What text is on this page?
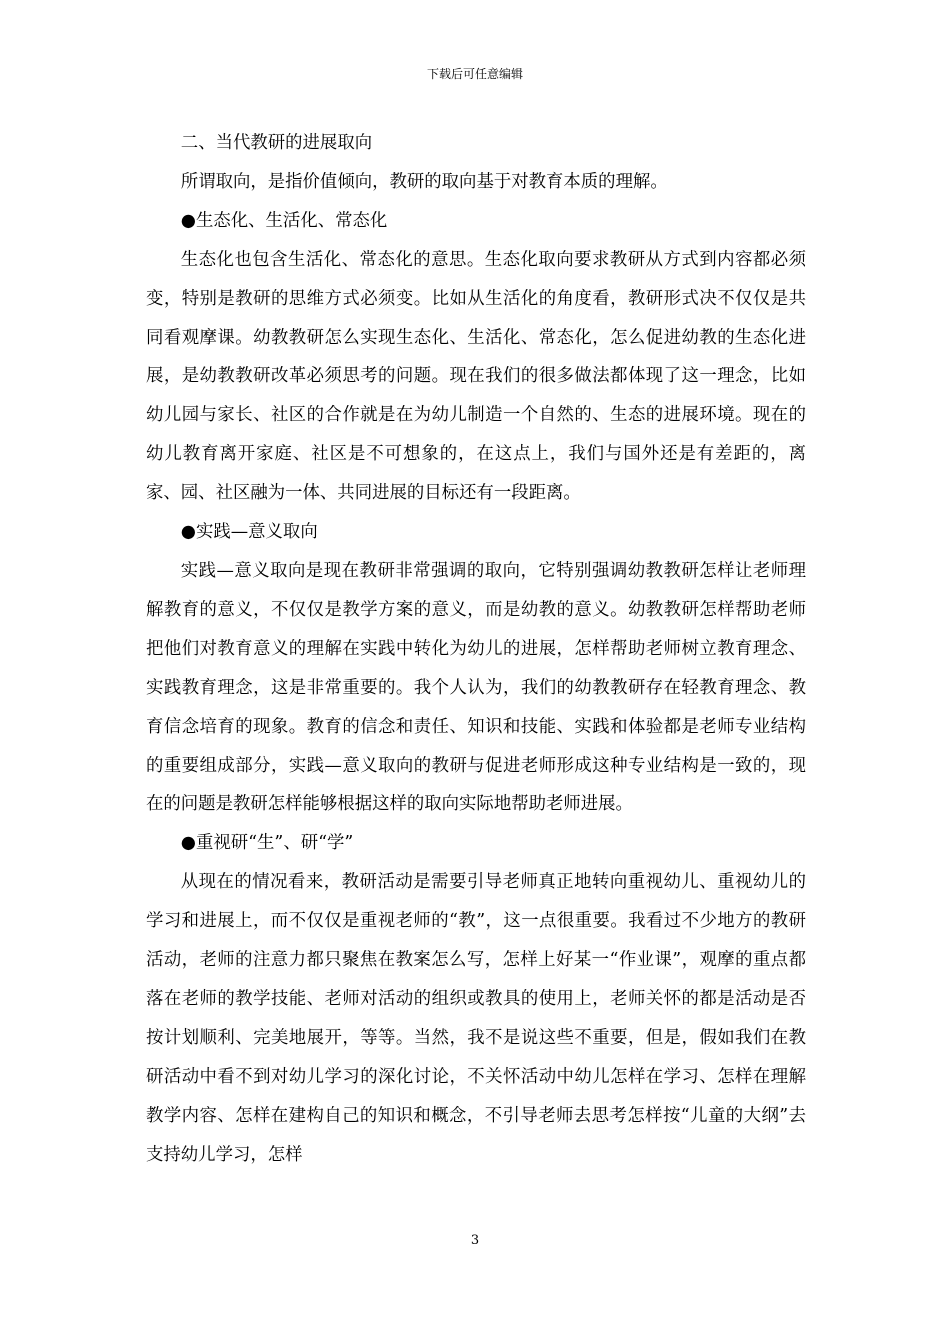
下载后可任意编辑

二、当代教研的进展取向

所谓取向，是指价值倾向，教研的取向基于对教育本质的理解。

●生态化、生活化、常态化

生态化也包含生活化、常态化的意思。生态化取向要求教研从方式到内容都必须变，特别是教研的思维方式必须变。比如从生活化的角度看，教研形式决不仅仅是共同看观摩课。幼教教研怎么实现生态化、生活化、常态化，怎么促进幼教的生态化进展，是幼教教研改革必须思考的问题。现在我们的很多做法都体现了这一理念，比如幼儿园与家长、社区的合作就是在为幼儿制造一个自然的、生态的进展环境。现在的幼儿教育离开家庭、社区是不可想象的，在这点上，我们与国外还是有差距的，离家、园、社区融为一体、共同进展的目标还有一段距离。

●实践—意义取向

实践—意义取向是现在教研非常强调的取向，它特别强调幼教教研怎样让老师理解教育的意义，不仅仅是教学方案的意义，而是幼教的意义。幼教教研怎样帮助老师把他们对教育意义的理解在实践中转化为幼儿的进展，怎样帮助老师树立教育理念、实践教育理念，这是非常重要的。我个人认为，我们的幼教教研存在轻教育理念、教育信念培育的现象。教育的信念和责任、知识和技能、实践和体验都是老师专业结构的重要组成部分，实践—意义取向的教研与促进老师形成这种专业结构是一致的，现在的问题是教研怎样能够根据这样的取向实际地帮助老师进展。

●重视研“生”、研“学”

从现在的情况看来，教研活动是需要引导老师真正地转向重视幼儿、重视幼儿的学习和进展上，而不仅仅是重视老师的“教”，这一点很重要。我看过不少地方的教研活动，老师的注意力都只聚焦在教案怎么写，怎样上好某一“作业课”，观摩的重点都落在老师的教学技能、老师对活动的组织或教具的使用上，老师关怀的都是活动是否按计划顺利、完美地展开，等等。当然，我不是说这些不重要，但是，假如我们在教研活动中看不到对幼儿学习的深化讨论，不关怀活动中幼儿怎样在学习、怎样在理解教学内容、怎样在建构自己的知识和概念，不引导老师去思考怎样按“儿童的大纲”去支持幼儿学习，怎样

3
